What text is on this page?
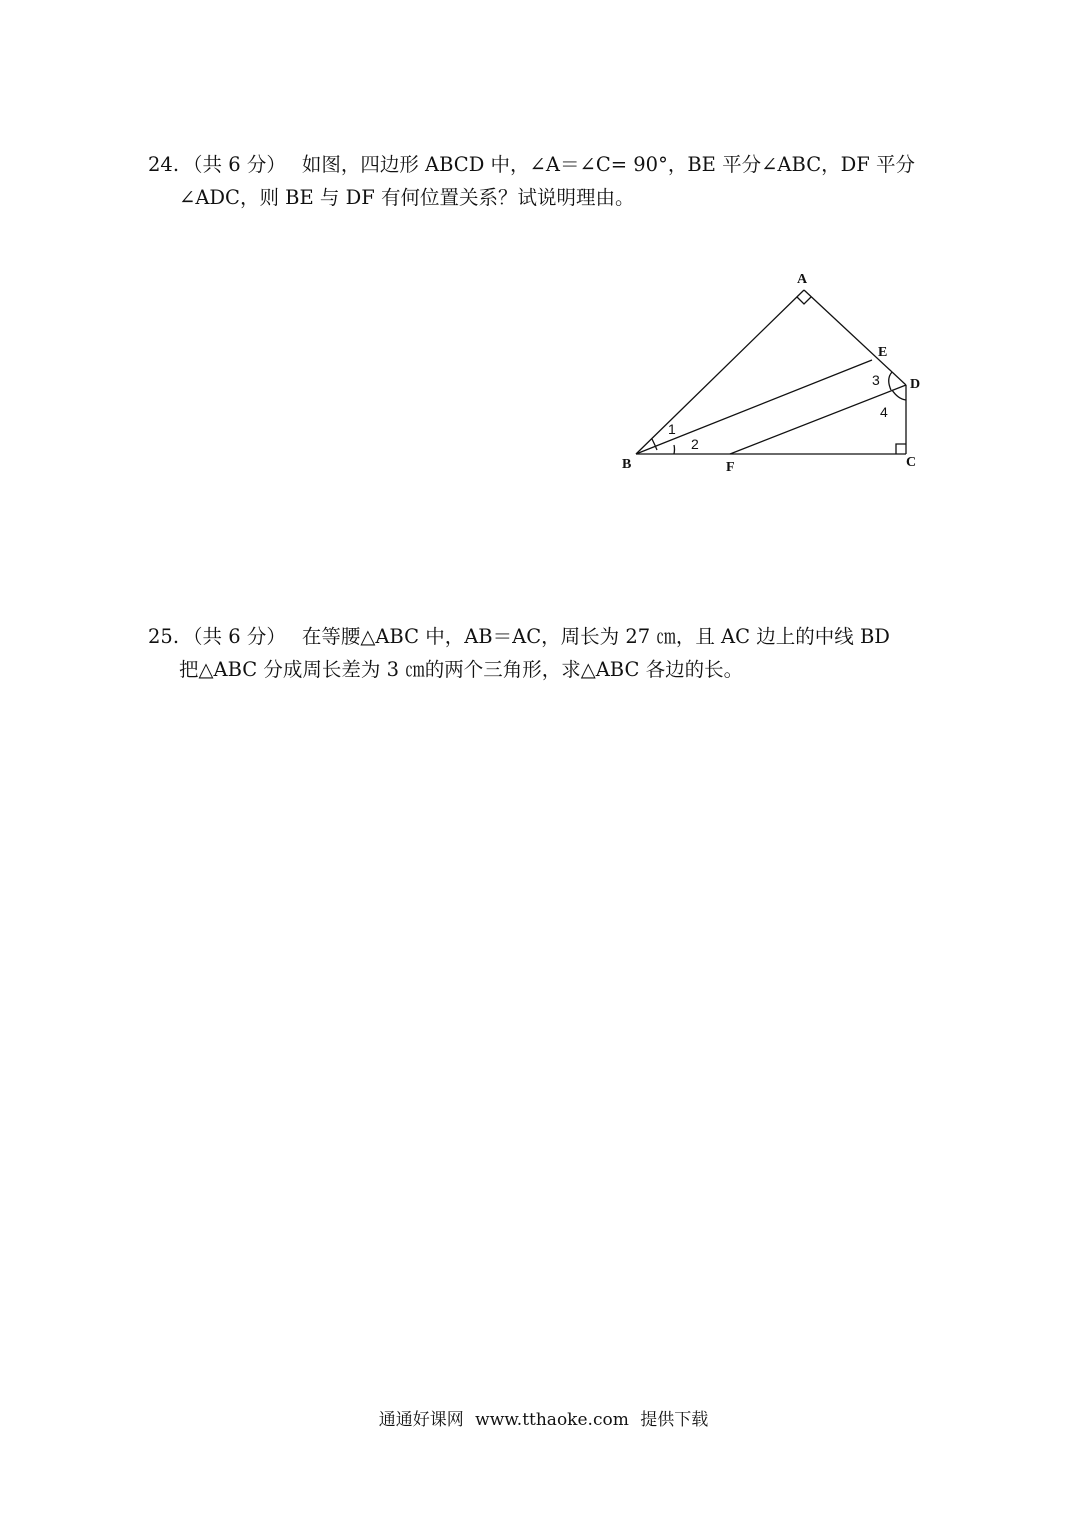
24. （共 6 分） 如图，四边形 ABCD 中，∠A＝∠C= 90°，BE 平分∠ABC，DF 平分
∠ADC，则 BE 与 DF 有何位置关系？试说明理由。
A
B	C
D
E
F
1
2
3
4
25. （共 6 分） 在等腰△ABC 中，AB＝AC，周长为 27 ㎝，且 AC 边上的中线 BD
把△ABC 分成周长差为 3 ㎝的两个三角形，求△ABC 各边的长。
通通好课网 www.tthaoke.com 提供下载
